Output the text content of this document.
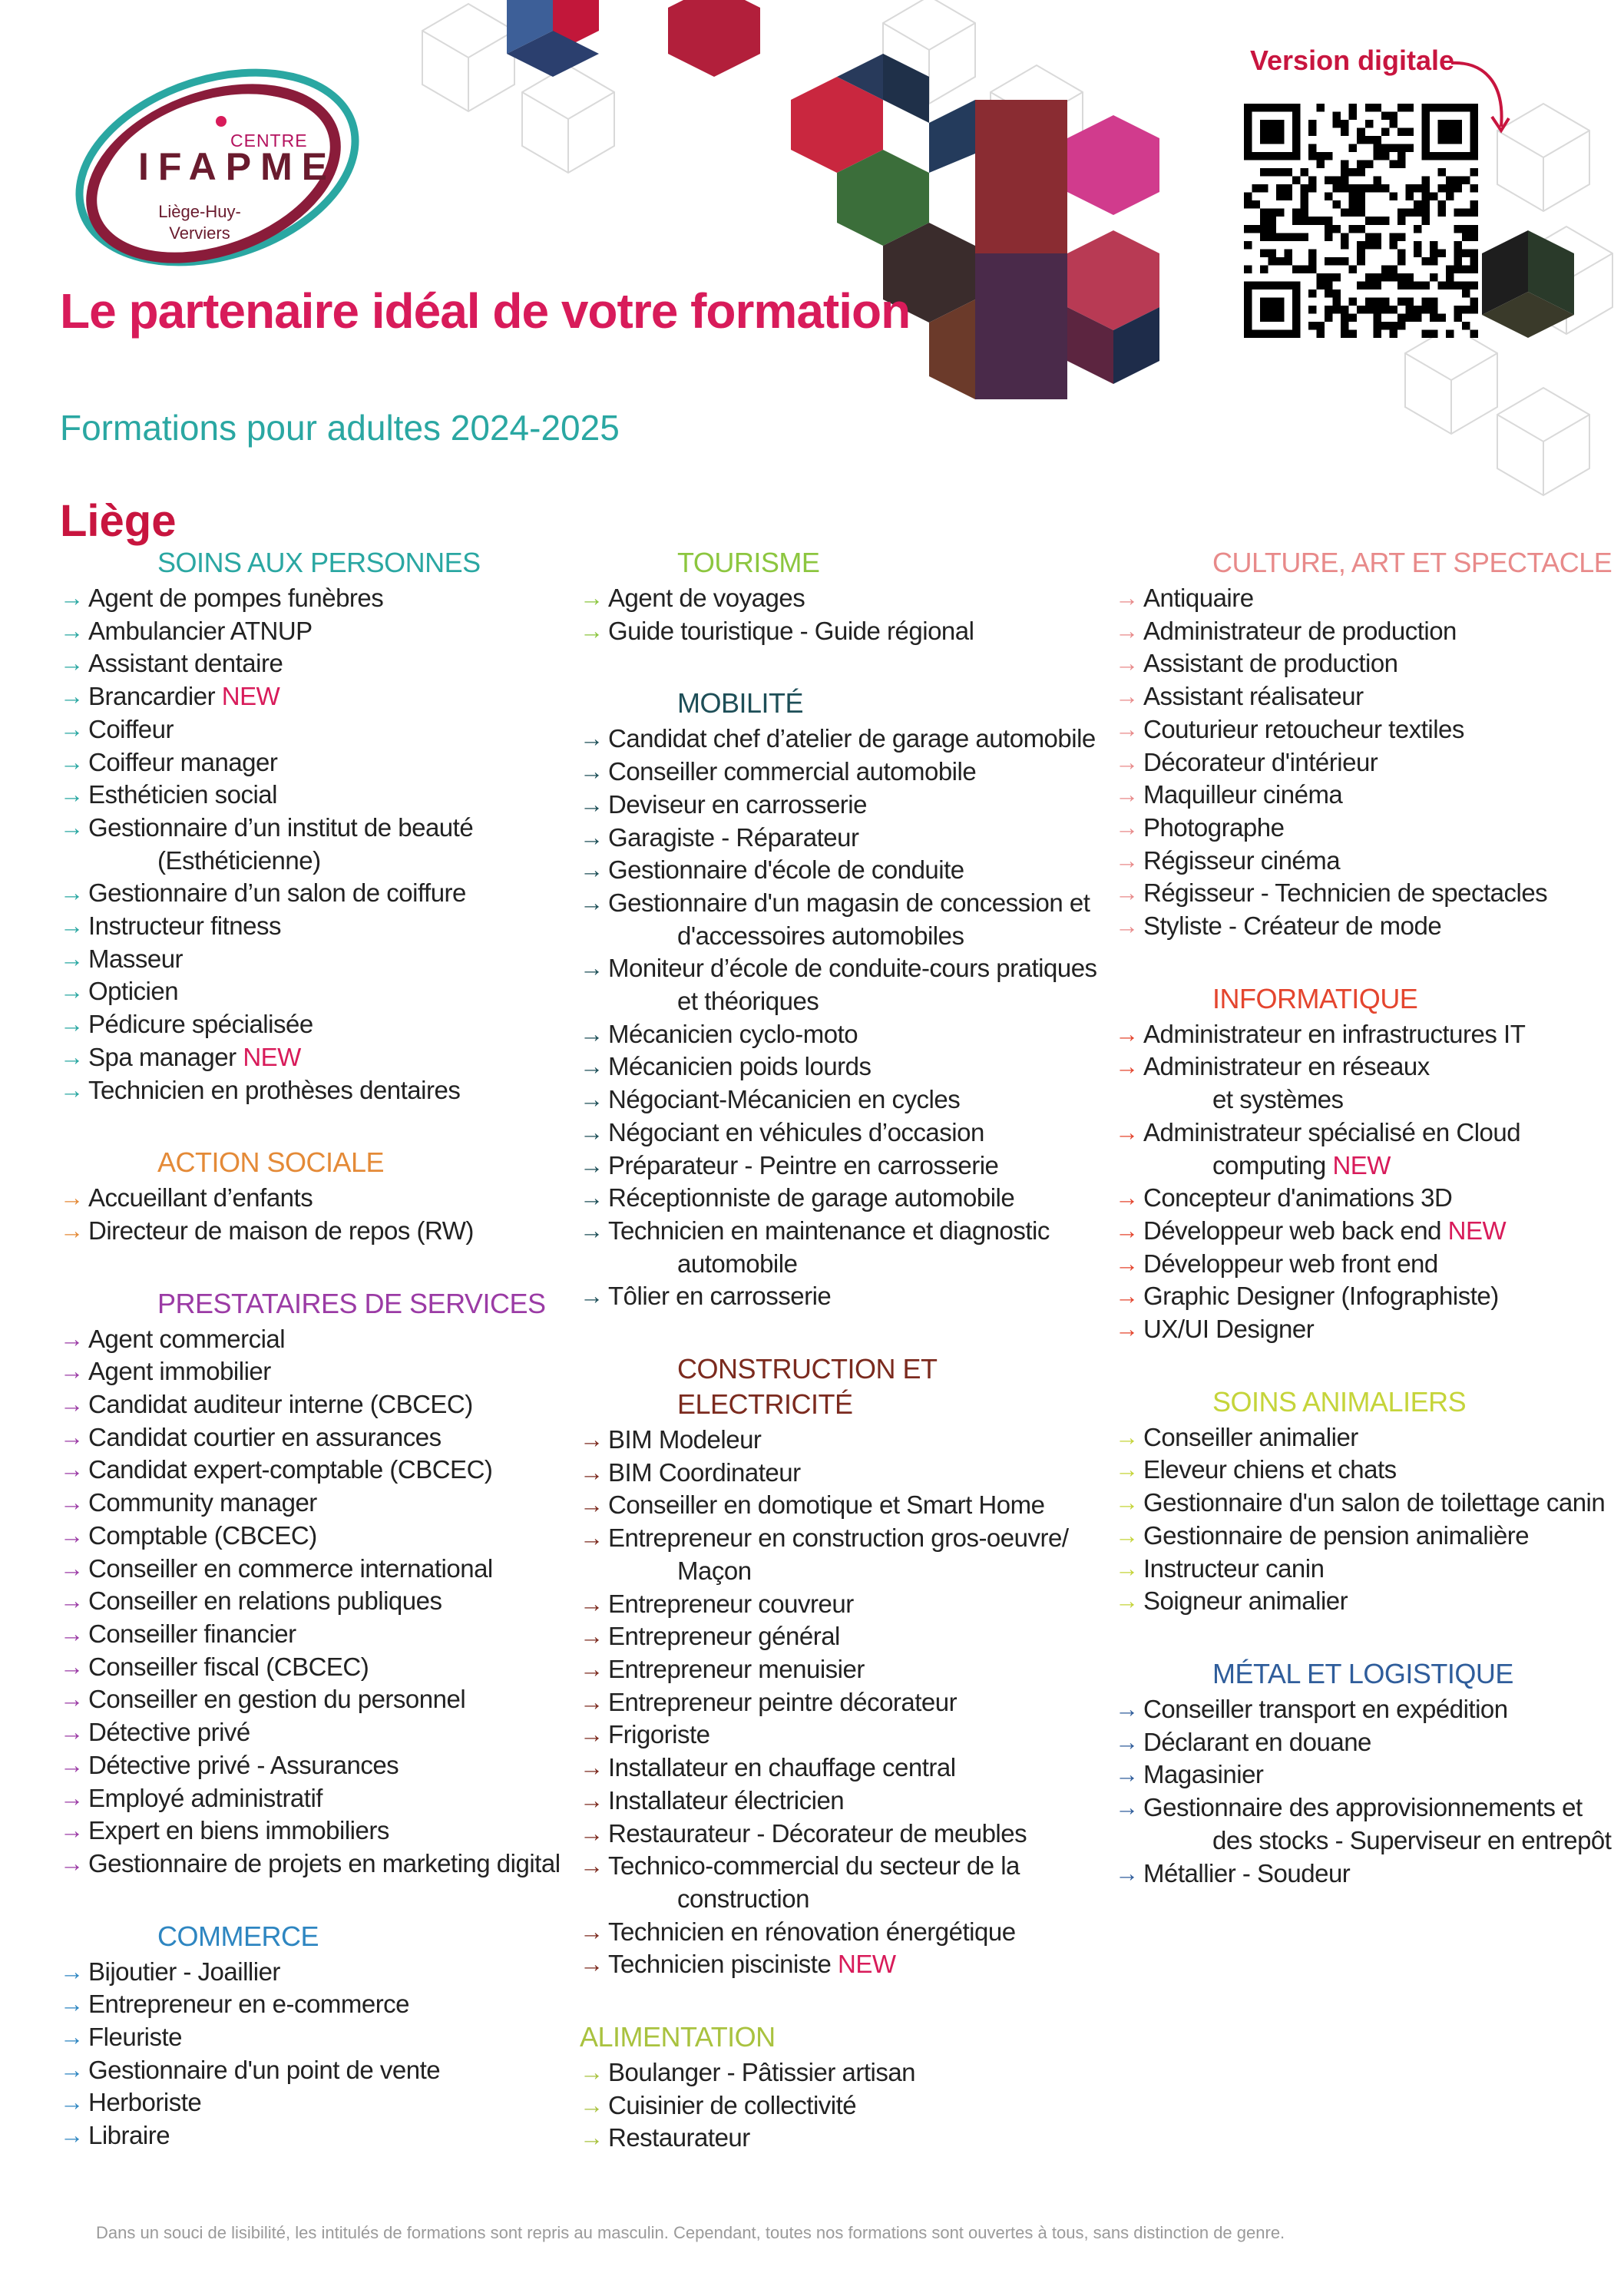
CENTRE
IFAPME
Liège-Huy-
Verviers
Version digitale
Le partenaire idéal de votre formation
Formations pour adultes 2024-2025
Liège
SOINS AUX PERSONNES
→ Agent de pompes funèbres
→ Ambulancier ATNUP
→ Assistant dentaire
→ Brancardier NEW
→ Coiffeur
→ Coiffeur manager
→ Esthéticien social
→ Gestionnaire d’un institut de beauté
(Esthéticienne)
→ Gestionnaire d’un salon de coiffure
→ Instructeur fitness
→ Masseur
→ Opticien
→ Pédicure spécialisée
→ Spa manager NEW
→ Technicien en prothèses dentaires
ACTION SOCIALE
→ Accueillant d’enfants
→ Directeur de maison de repos (RW)
PRESTATAIRES DE SERVICES
→ Agent commercial
→ Agent immobilier
→ Candidat auditeur interne (CBCEC)
→ Candidat courtier en assurances
→ Candidat expert-comptable (CBCEC)
→ Community manager
→ Comptable (CBCEC)
→ Conseiller en commerce international
→ Conseiller en relations publiques
→ Conseiller financier
→ Conseiller fiscal (CBCEC)
→ Conseiller en gestion du personnel
→ Détective privé
→ Détective privé - Assurances
→ Employé administratif
→ Expert en biens immobiliers
→ Gestionnaire de projets en marketing digital
COMMERCE
→ Bijoutier - Joaillier
→ Entrepreneur en e-commerce
→ Fleuriste
→ Gestionnaire d'un point de vente
→ Herboriste
→ Libraire
TOURISME
→ Agent de voyages
→ Guide touristique - Guide régional
MOBILITÉ
→ Candidat chef d’atelier de garage automobile
→ Conseiller commercial automobile
→ Deviseur en carrosserie
→ Garagiste - Réparateur
→ Gestionnaire d'école de conduite
→ Gestionnaire d'un magasin de concession et
d'accessoires automobiles
→ Moniteur d’école de conduite-cours pratiques
et théoriques
→ Mécanicien cyclo-moto
→ Mécanicien poids lourds
→ Négociant-Mécanicien en cycles
→ Négociant en véhicules d’occasion
→ Préparateur - Peintre en carrosserie
→ Réceptionniste de garage automobile
→ Technicien en maintenance et diagnostic
automobile
→ Tôlier en carrosserie
CONSTRUCTION ET
ELECTRICITÉ
→ BIM Modeleur
→ BIM Coordinateur
→ Conseiller en domotique et Smart Home
→ Entrepreneur en construction gros-oeuvre/
Maçon
→ Entrepreneur couvreur
→ Entrepreneur général
→ Entrepreneur menuisier
→ Entrepreneur peintre décorateur
→ Frigoriste
→ Installateur en chauffage central
→ Installateur électricien
→ Restaurateur - Décorateur de meubles
→ Technico-commercial du secteur de la
construction
→ Technicien en rénovation énergétique
→ Technicien pisciniste NEW
ALIMENTATION
→ Boulanger - Pâtissier artisan
→ Cuisinier de collectivité
→ Restaurateur
CULTURE, ART ET SPECTACLE
→ Antiquaire
→ Administrateur de production
→ Assistant de production
→ Assistant réalisateur
→ Couturieur retoucheur textiles
→ Décorateur d'intérieur
→ Maquilleur cinéma
→ Photographe
→ Régisseur cinéma
→ Régisseur - Technicien de spectacles
→ Styliste - Créateur de mode
INFORMATIQUE
→ Administrateur en infrastructures IT
→ Administrateur en réseaux
et systèmes
→ Administrateur spécialisé en Cloud
computing NEW
→ Concepteur d'animations 3D
→ Développeur web back end NEW
→ Développeur web front end
→ Graphic Designer (Infographiste)
→ UX/UI Designer
SOINS ANIMALIERS
→ Conseiller animalier
→ Eleveur chiens et chats
→ Gestionnaire d'un salon de toilettage canin
→ Gestionnaire de pension animalière
→ Instructeur canin
→ Soigneur animalier
MÉTAL ET LOGISTIQUE
→ Conseiller transport en expédition
→ Déclarant en douane
→ Magasinier
→ Gestionnaire des approvisionnements et
des stocks - Superviseur en entrepôt
→ Métallier - Soudeur
Dans un souci de lisibilité, les intitulés de formations sont repris au masculin. Cependant, toutes nos formations sont ouvertes à tous, sans distinction de genre.
